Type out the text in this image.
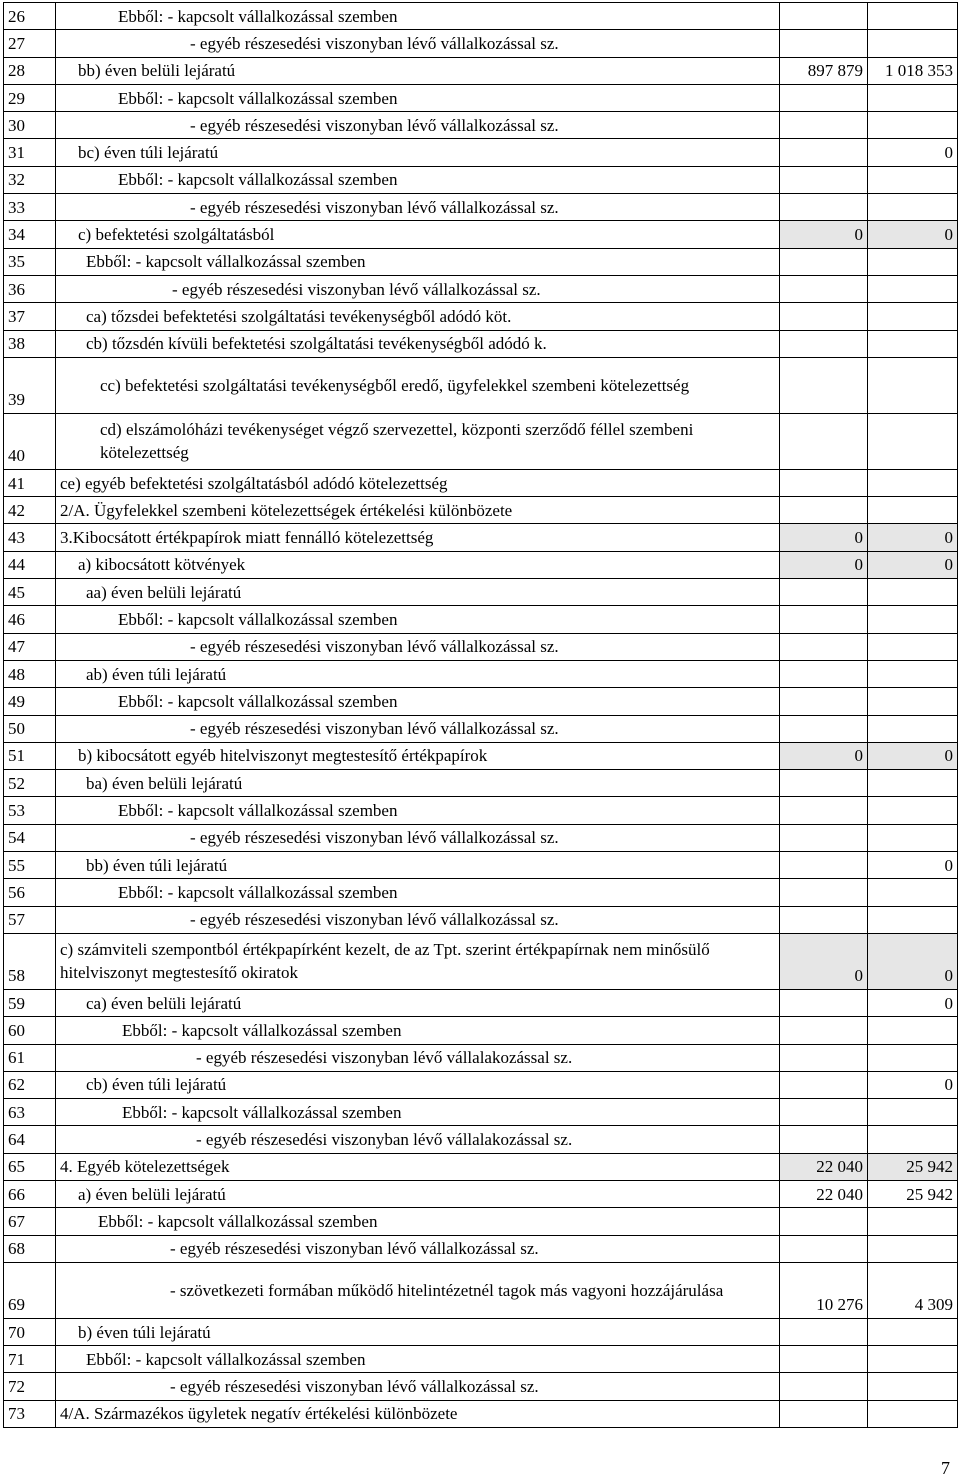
26	Ebből: - kapcsolt vállalkozással szemben		
27	- egyéb részesedési viszonyban lévő vállalkozással sz.		
28	bb) éven belüli lejáratú	897 879	1 018 353
29	Ebből: - kapcsolt vállalkozással szemben		
30	- egyéb részesedési viszonyban lévő vállalkozással sz.		
31	bc) éven túli lejáratú		0
32	Ebből: - kapcsolt vállalkozással szemben		
33	- egyéb részesedési viszonyban lévő vállalkozással sz.		
34	c) befektetési szolgáltatásból	0	0
35	Ebből: - kapcsolt vállalkozással szemben		
36	- egyéb részesedési viszonyban lévő vállalkozással sz.		
37	ca) tőzsdei befektetési szolgáltatási tevékenységből adódó köt.		
38	cb) tőzsdén kívüli befektetési szolgáltatási tevékenységből adódó k.		
39	cc) befektetési szolgáltatási tevékenységből eredő, ügyfelekkel szembeni kötelezettség		
40	cd) elszámolóházi tevékenységet végző szervezettel, központi szerződő féllel szembeni kötelezettség		
41	ce) egyéb befektetési szolgáltatásból adódó kötelezettség		
42	2/A. Ügyfelekkel szembeni kötelezettségek értékelési különbözete		
43	3.Kibocsátott értékpapírok miatt fennálló kötelezettség	0	0
44	a) kibocsátott kötvények	0	0
45	aa) éven belüli lejáratú		
46	Ebből: - kapcsolt vállalkozással szemben		
47	- egyéb részesedési viszonyban lévő vállalkozással sz.		
48	ab) éven túli lejáratú		
49	Ebből: - kapcsolt vállalkozással szemben		
50	- egyéb részesedési viszonyban lévő vállalkozással sz.		
51	b) kibocsátott egyéb hitelviszonyt megtestesítő értékpapírok	0	0
52	ba) éven belüli lejáratú		
53	Ebből: - kapcsolt vállalkozással szemben		
54	- egyéb részesedési viszonyban lévő vállalkozással sz.		
55	bb) éven túli lejáratú		0
56	Ebből: - kapcsolt vállalkozással szemben		
57	- egyéb részesedési viszonyban lévő vállalkozással sz.		
58	c) számviteli szempontból értékpapírként kezelt, de az Tpt. szerint értékpapírnak nem minősülő hitelviszonyt megtestesítő okiratok	0	0
59	ca) éven belüli lejáratú		0
60	Ebből: - kapcsolt vállalkozással szemben		
61	- egyéb részesedési viszonyban lévő vállalakozással sz.		
62	cb) éven túli lejáratú		0
63	Ebből: - kapcsolt vállalkozással szemben		
64	- egyéb részesedési viszonyban lévő vállalakozással sz.		
65	4. Egyéb kötelezettségek	22 040	25 942
66	a) éven belüli lejáratú	22 040	25 942
67	Ebből: - kapcsolt vállalkozással szemben		
68	- egyéb részesedési viszonyban lévő vállalkozással sz.		
69	- szövetkezeti formában működő hitelintézetnél tagok más vagyoni hozzájárulása	10 276	4 309
70	b) éven túli lejáratú		
71	Ebből: - kapcsolt vállalkozással szemben		
72	- egyéb részesedési viszonyban lévő vállalkozással sz.		
73	4/A. Származékos ügyletek negatív értékelési különbözete		
7
